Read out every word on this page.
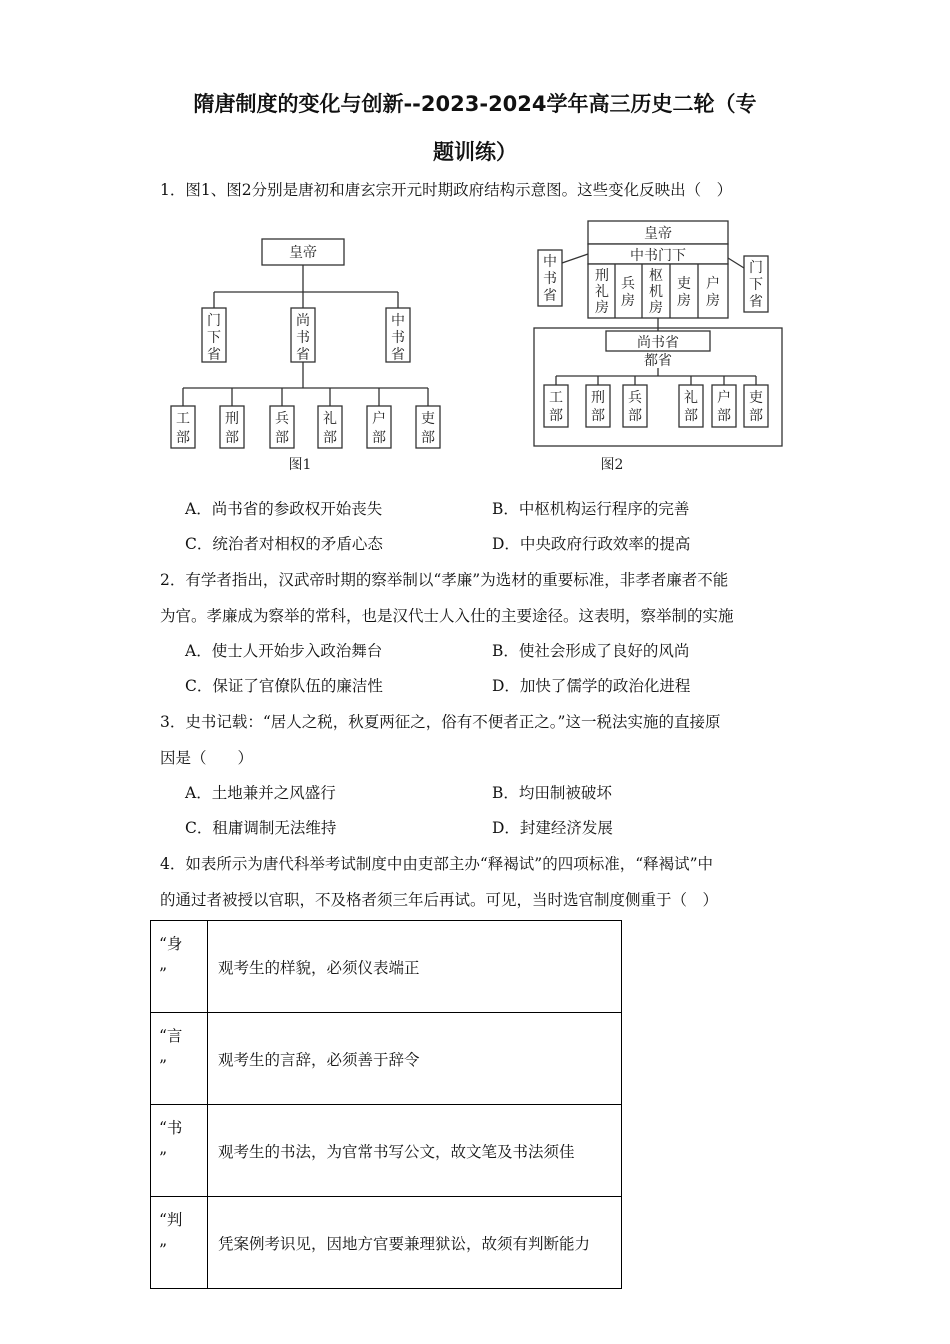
隋唐制度的变化与创新--2023-2024学年高三历史二轮（专
题训练）
1．图1、图2分别是唐初和唐玄宗开元时期政府结构示意图。这些变化反映出（　）
皇帝
门
下
省
尚
书
省
中
书
省
工
部
刑
部
兵
部
礼
部
户
部
吏
部
图1
皇帝
中书门下
刑
礼
房
兵
房
枢
机
房
吏
房
户
房
中
书
省
门
下
省
尚书省
都省
工
部
刑
部
兵
部
礼
部
户
部
吏
部
图2
A．尚书省的参政权开始丧失	B．中枢机构运行程序的完善
C．统治者对相权的矛盾心态	D．中央政府行政效率的提高
2．有学者指出，汉武帝时期的察举制以“孝廉”为选材的重要标准，非孝者廉者不能
为官。孝廉成为察举的常科，也是汉代士人入仕的主要途径。这表明，察举制的实施
A．使士人开始步入政治舞台	B．使社会形成了良好的风尚
C．保证了官僚队伍的廉洁性	D．加快了儒学的政治化进程
3．史书记载：“居人之税，秋夏两征之，俗有不便者正之。”这一税法实施的直接原
因是（　　）
A．土地兼并之风盛行	B．均田制被破坏
C．租庸调制无法维持	D．封建经济发展
4．如表所示为唐代科举考试制度中由吏部主办“释褐试”的四项标准，“释褐试”中
的通过者被授以官职，不及格者须三年后再试。可见，当时选官制度侧重于（　）
“身
”	观考生的样貌，必须仪表端正
“言
”	观考生的言辞，必须善于辞令
“书
”	观考生的书法，为官常书写公文，故文笔及书法须佳
“判
”	凭案例考识见，因地方官要兼理狱讼，故须有判断能力
